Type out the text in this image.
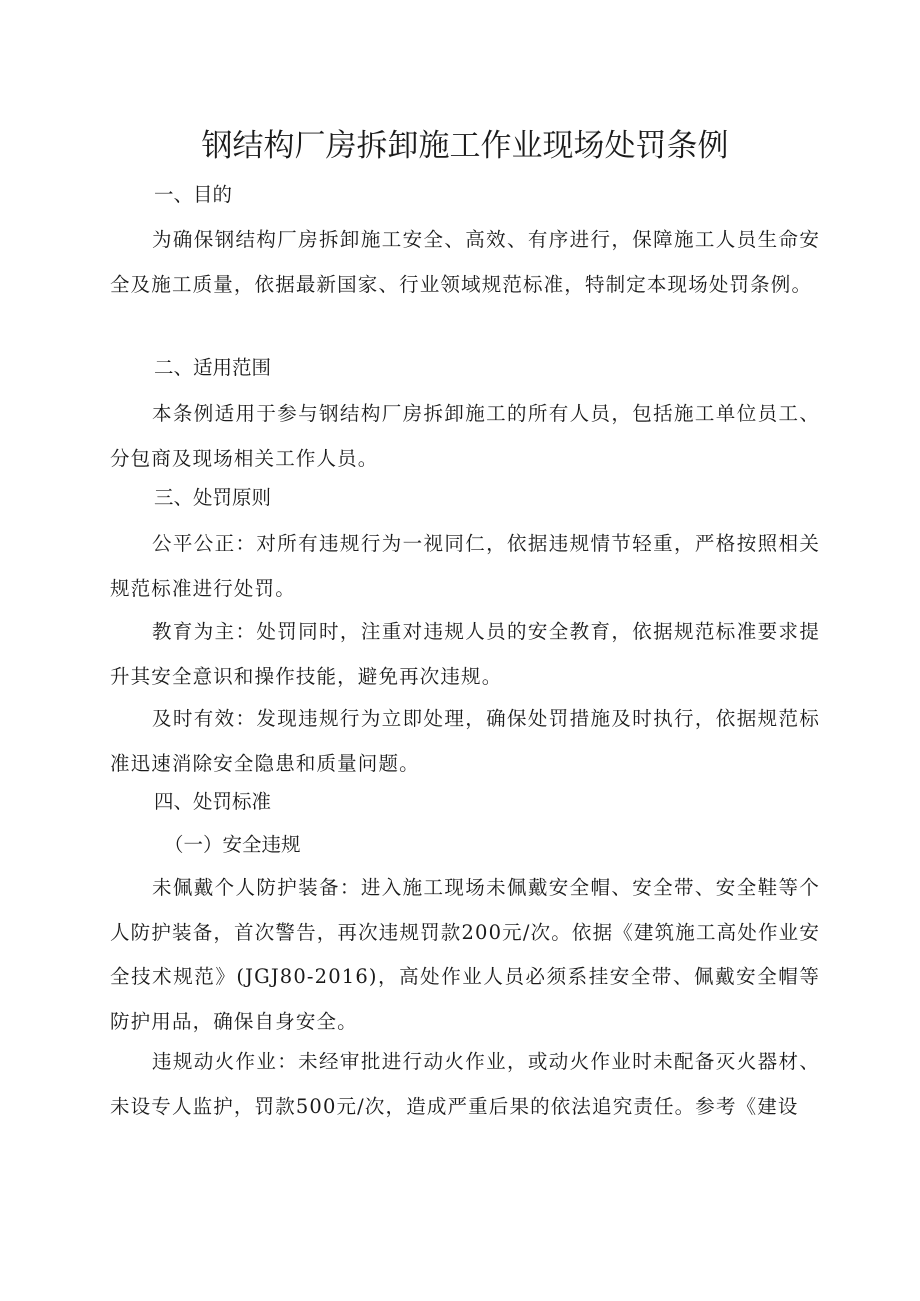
钢结构厂房拆卸施工作业现场处罚条例
一、目的
为确保钢结构厂房拆卸施工安全、高效、有序进行，保障施工人员生命安全及施工质量，依据最新国家、行业领域规范标准，特制定本现场处罚条例。
二、适用范围
本条例适用于参与钢结构厂房拆卸施工的所有人员，包括施工单位员工、分包商及现场相关工作人员。
三、处罚原则
公平公正：对所有违规行为一视同仁，依据违规情节轻重，严格按照相关规范标准进行处罚。
教育为主：处罚同时，注重对违规人员的安全教育，依据规范标准要求提升其安全意识和操作技能，避免再次违规。
及时有效：发现违规行为立即处理，确保处罚措施及时执行，依据规范标准迅速消除安全隐患和质量问题。
四、处罚标准
（一）安全违规
未佩戴个人防护装备：进入施工现场未佩戴安全帽、安全带、安全鞋等个人防护装备，首次警告，再次违规罚款200元/次。依据《建筑施工高处作业安全技术规范》(JGJ80-2016)，高处作业人员必须系挂安全带、佩戴安全帽等防护用品，确保自身安全。
违规动火作业：未经审批进行动火作业，或动火作业时未配备灭火器材、未设专人监护，罚款500元/次，造成严重后果的依法追究责任。参考《建设
